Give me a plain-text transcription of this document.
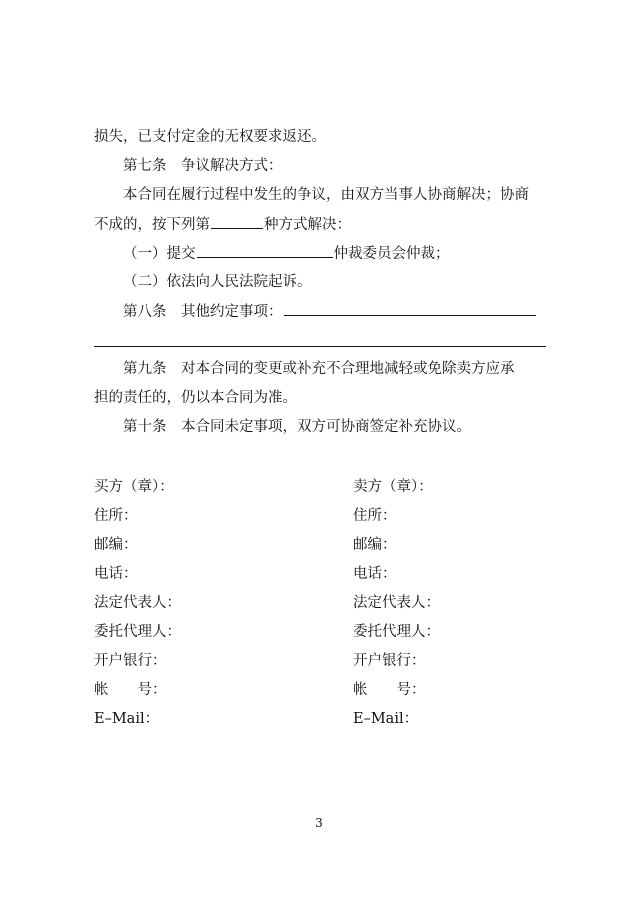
损失，已支付定金的无权要求返还。
第七条　争议解决方式：
本合同在履行过程中发生的争议，由双方当事人协商解决；协商
不成的，按下列第	种方式解决：
（一）提交	仲裁委员会仲裁；
（二）依法向人民法院起诉。
第八条　其他约定事项：
第九条　对本合同的变更或补充不合理地减轻或免除卖方应承
担的责任的，仍以本合同为准。
第十条　本合同未定事项，双方可协商签定补充协议。
买方（章）：	卖方（章）：
住所：	住所：
邮编：	邮编：
电话：	电话：
法定代表人：	法定代表人：
委托代理人：	委托代理人：
开户银行：	开户银行：
帐　　号：	帐　　号：
E–Mail：	E–Mail：
3
